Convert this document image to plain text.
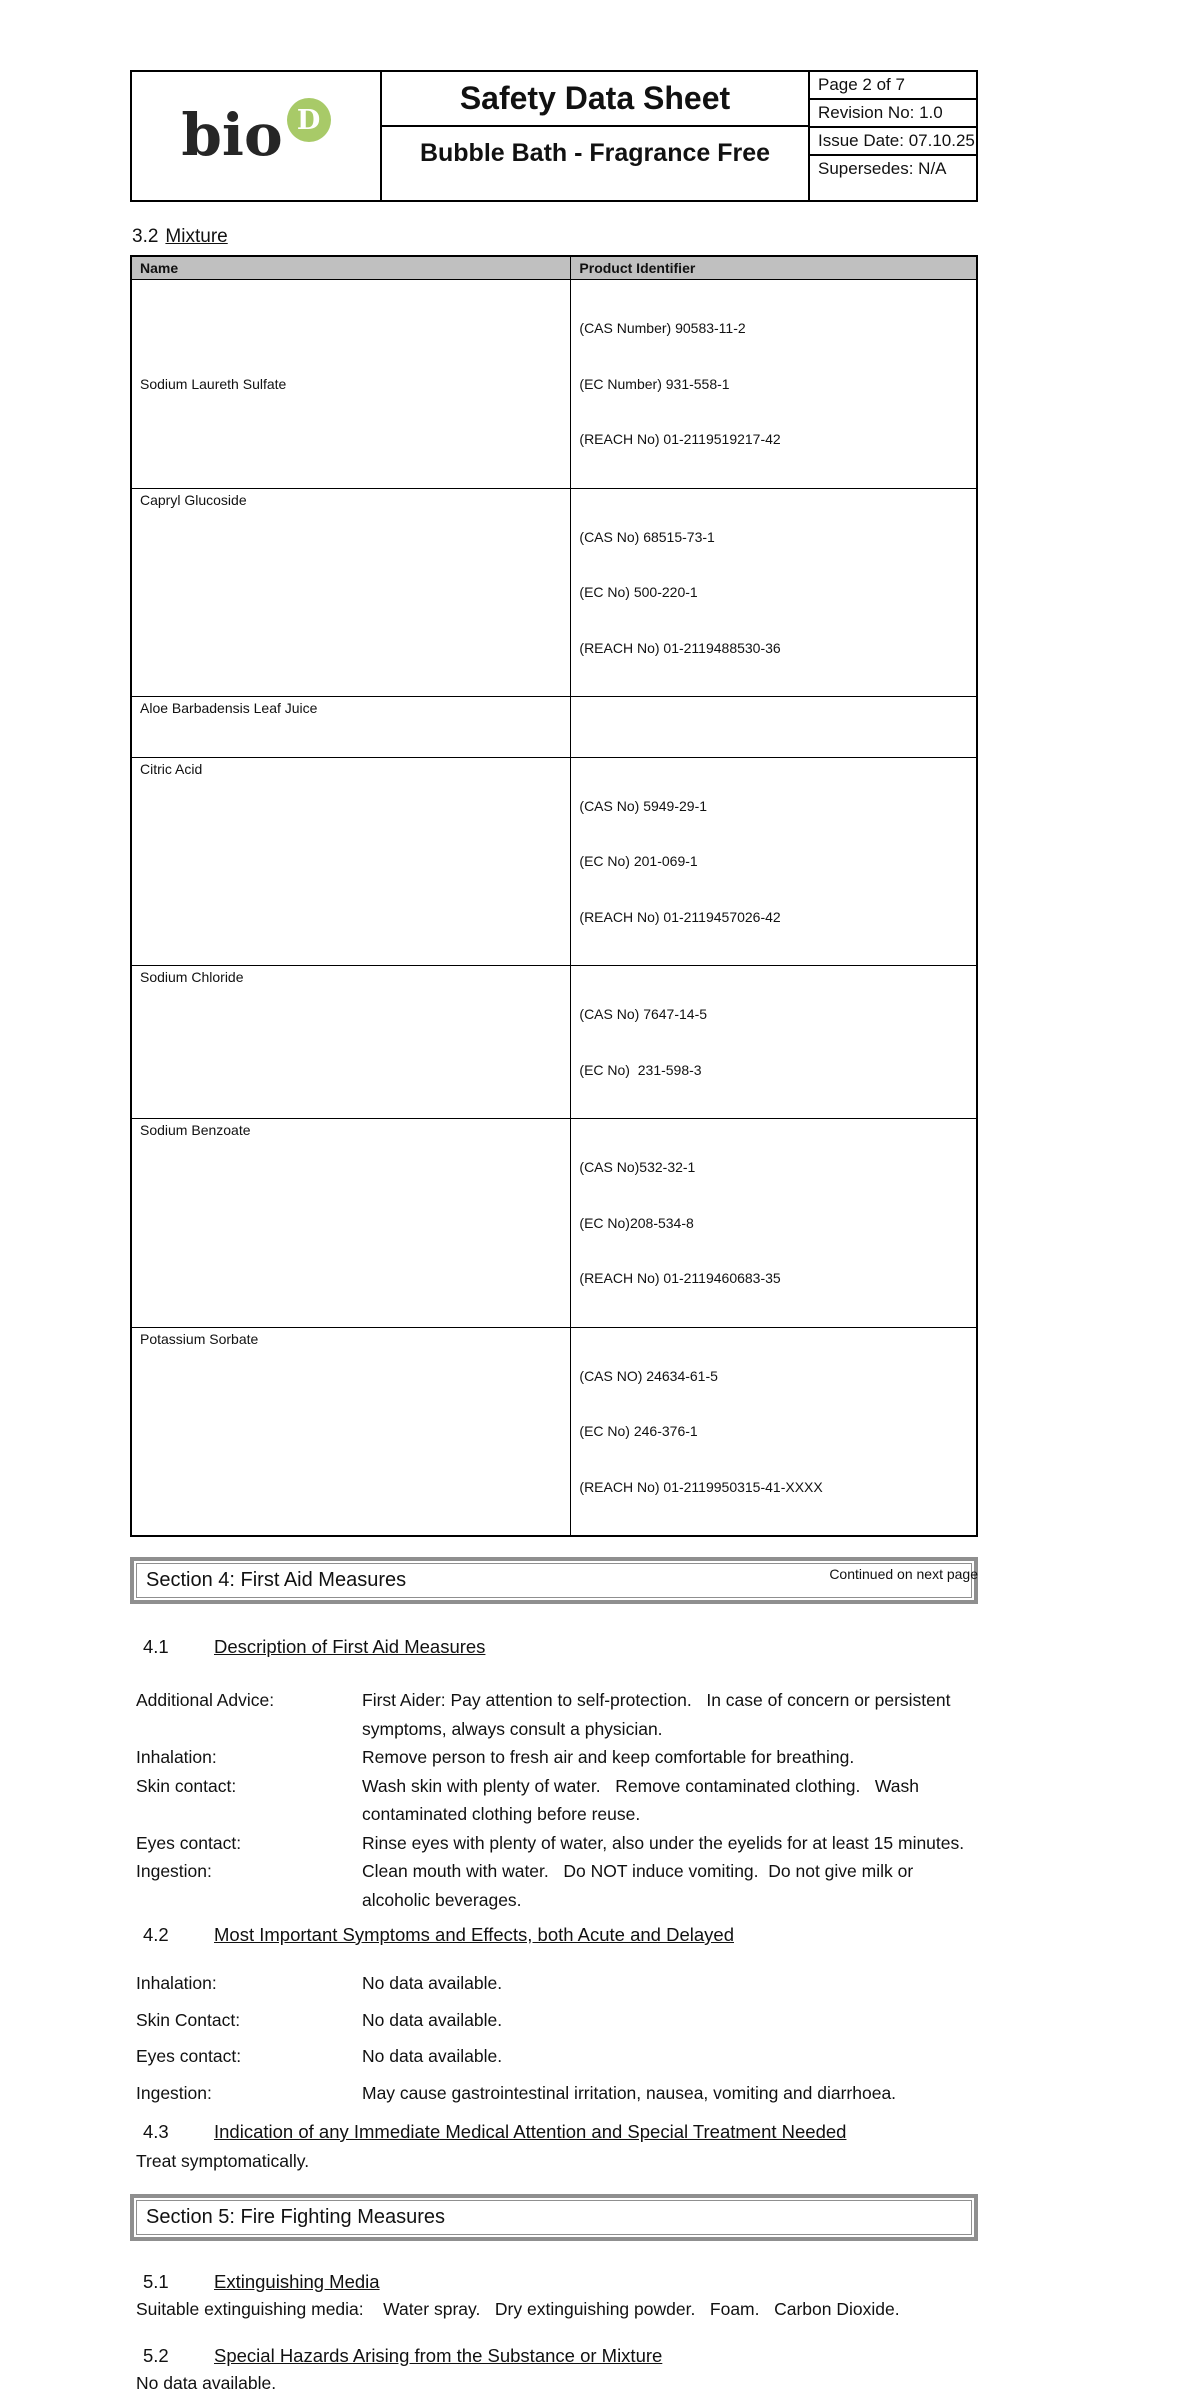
bio D
Safety Data Sheet
Bubble Bath - Fragrance Free
Page 2 of 7
Revision No: 1.0
Issue Date: 07.10.25
Supersedes: N/A
3.2 Mixture
Name	Product Identifier
Sodium Laureth Sulfate	(CAS Number) 90583-11-2

(EC Number) 931-558-1

(REACH No) 01-2119519217-42

Capryl Glucoside	(CAS No) 68515-73-1

(EC No) 500-220-1

(REACH No) 01-2119488530-36

Aloe Barbadensis Leaf Juice	

Citric Acid	(CAS No) 5949-29-1

(EC No) 201-069-1

(REACH No) 01-2119457026-42

Sodium Chloride	(CAS No) 7647-14-5

(EC No)  231-598-3

Sodium Benzoate	(CAS No)532-32-1

(EC No)208-534-8

(REACH No) 01-2119460683-35

Potassium Sorbate	(CAS NO) 24634-61-5

(EC No) 246-376-1

(REACH No) 01-2119950315-41-XXXX

Section 4: First Aid Measures
4.1	Description of First Aid Measures
Additional Advice:	First Aider: Pay attention to self-protection.   In case of concern or persistent symptoms, always consult a physician.
Inhalation:	Remove person to fresh air and keep comfortable for breathing.
Skin contact:	Wash skin with plenty of water.   Remove contaminated clothing.   Wash contaminated clothing before reuse.
Eyes contact:	Rinse eyes with plenty of water, also under the eyelids for at least 15 minutes.
Ingestion:	Clean mouth with water.   Do NOT induce vomiting.  Do not give milk or alcoholic beverages.
4.2	Most Important Symptoms and Effects, both Acute and Delayed
Inhalation:	No data available.
Skin Contact:	No data available.
Eyes contact:	No data available.
Ingestion:	May cause gastrointestinal irritation, nausea, vomiting and diarrhoea.
4.3	Indication of any Immediate Medical Attention and Special Treatment Needed
Treat symptomatically.
Section 5: Fire Fighting Measures
5.1	Extinguishing Media
Suitable extinguishing media:    Water spray.   Dry extinguishing powder.   Foam.   Carbon Dioxide.
5.2	Special Hazards Arising from the Substance or Mixture
No data available.
Continued on next page
